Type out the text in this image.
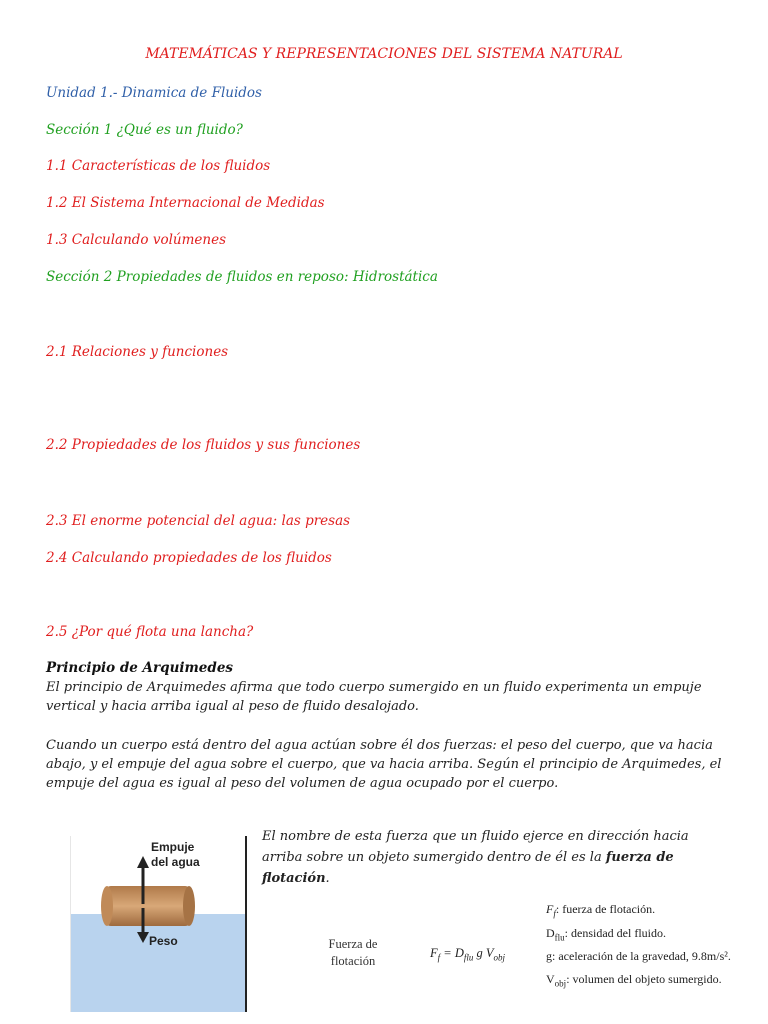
MATEMÁTICAS Y REPRESENTACIONES DEL SISTEMA NATURAL
Unidad 1.- Dinamica de Fluidos
Sección 1 ¿Qué es un fluido?
1.1 Características de los fluidos
1.2 El Sistema Internacional de Medidas
1.3 Calculando volúmenes
Sección 2 Propiedades de fluidos en reposo: Hidrostática
2.1 Relaciones y funciones
2.2 Propiedades de los fluidos y sus funciones
2.3 El enorme potencial del agua: las presas
2.4 Calculando propiedades de los fluidos
2.5 ¿Por qué flota una lancha?
Principio de Arquimedes
El principio de Arquimedes afirma que todo cuerpo sumergido en un fluido experimenta un empuje vertical y hacia arriba igual al peso de fluido desalojado.
Cuando un cuerpo está dentro del agua actúan sobre él dos fuerzas: el peso del cuerpo, que va hacia abajo, y el empuje del agua sobre el cuerpo, que va hacia arriba. Según el principio de Arquimedes, el empuje del agua es igual al peso del volumen de agua ocupado por el cuerpo.
Empuje
del agua
Peso
El nombre de esta fuerza que un fluido ejerce en dirección hacia arriba sobre un objeto sumergido dentro de él es la fuerza de flotación.
Fuerza de
flotación
$F_f = D_{flu}$ g $V_{obj}$
$F_f$: fuerza de flotación.
$D_{flu}$: densidad del fluido.
g: aceleración de la gravedad, 9.8m/s².
$V_{obj}$: volumen del objeto sumergido.
